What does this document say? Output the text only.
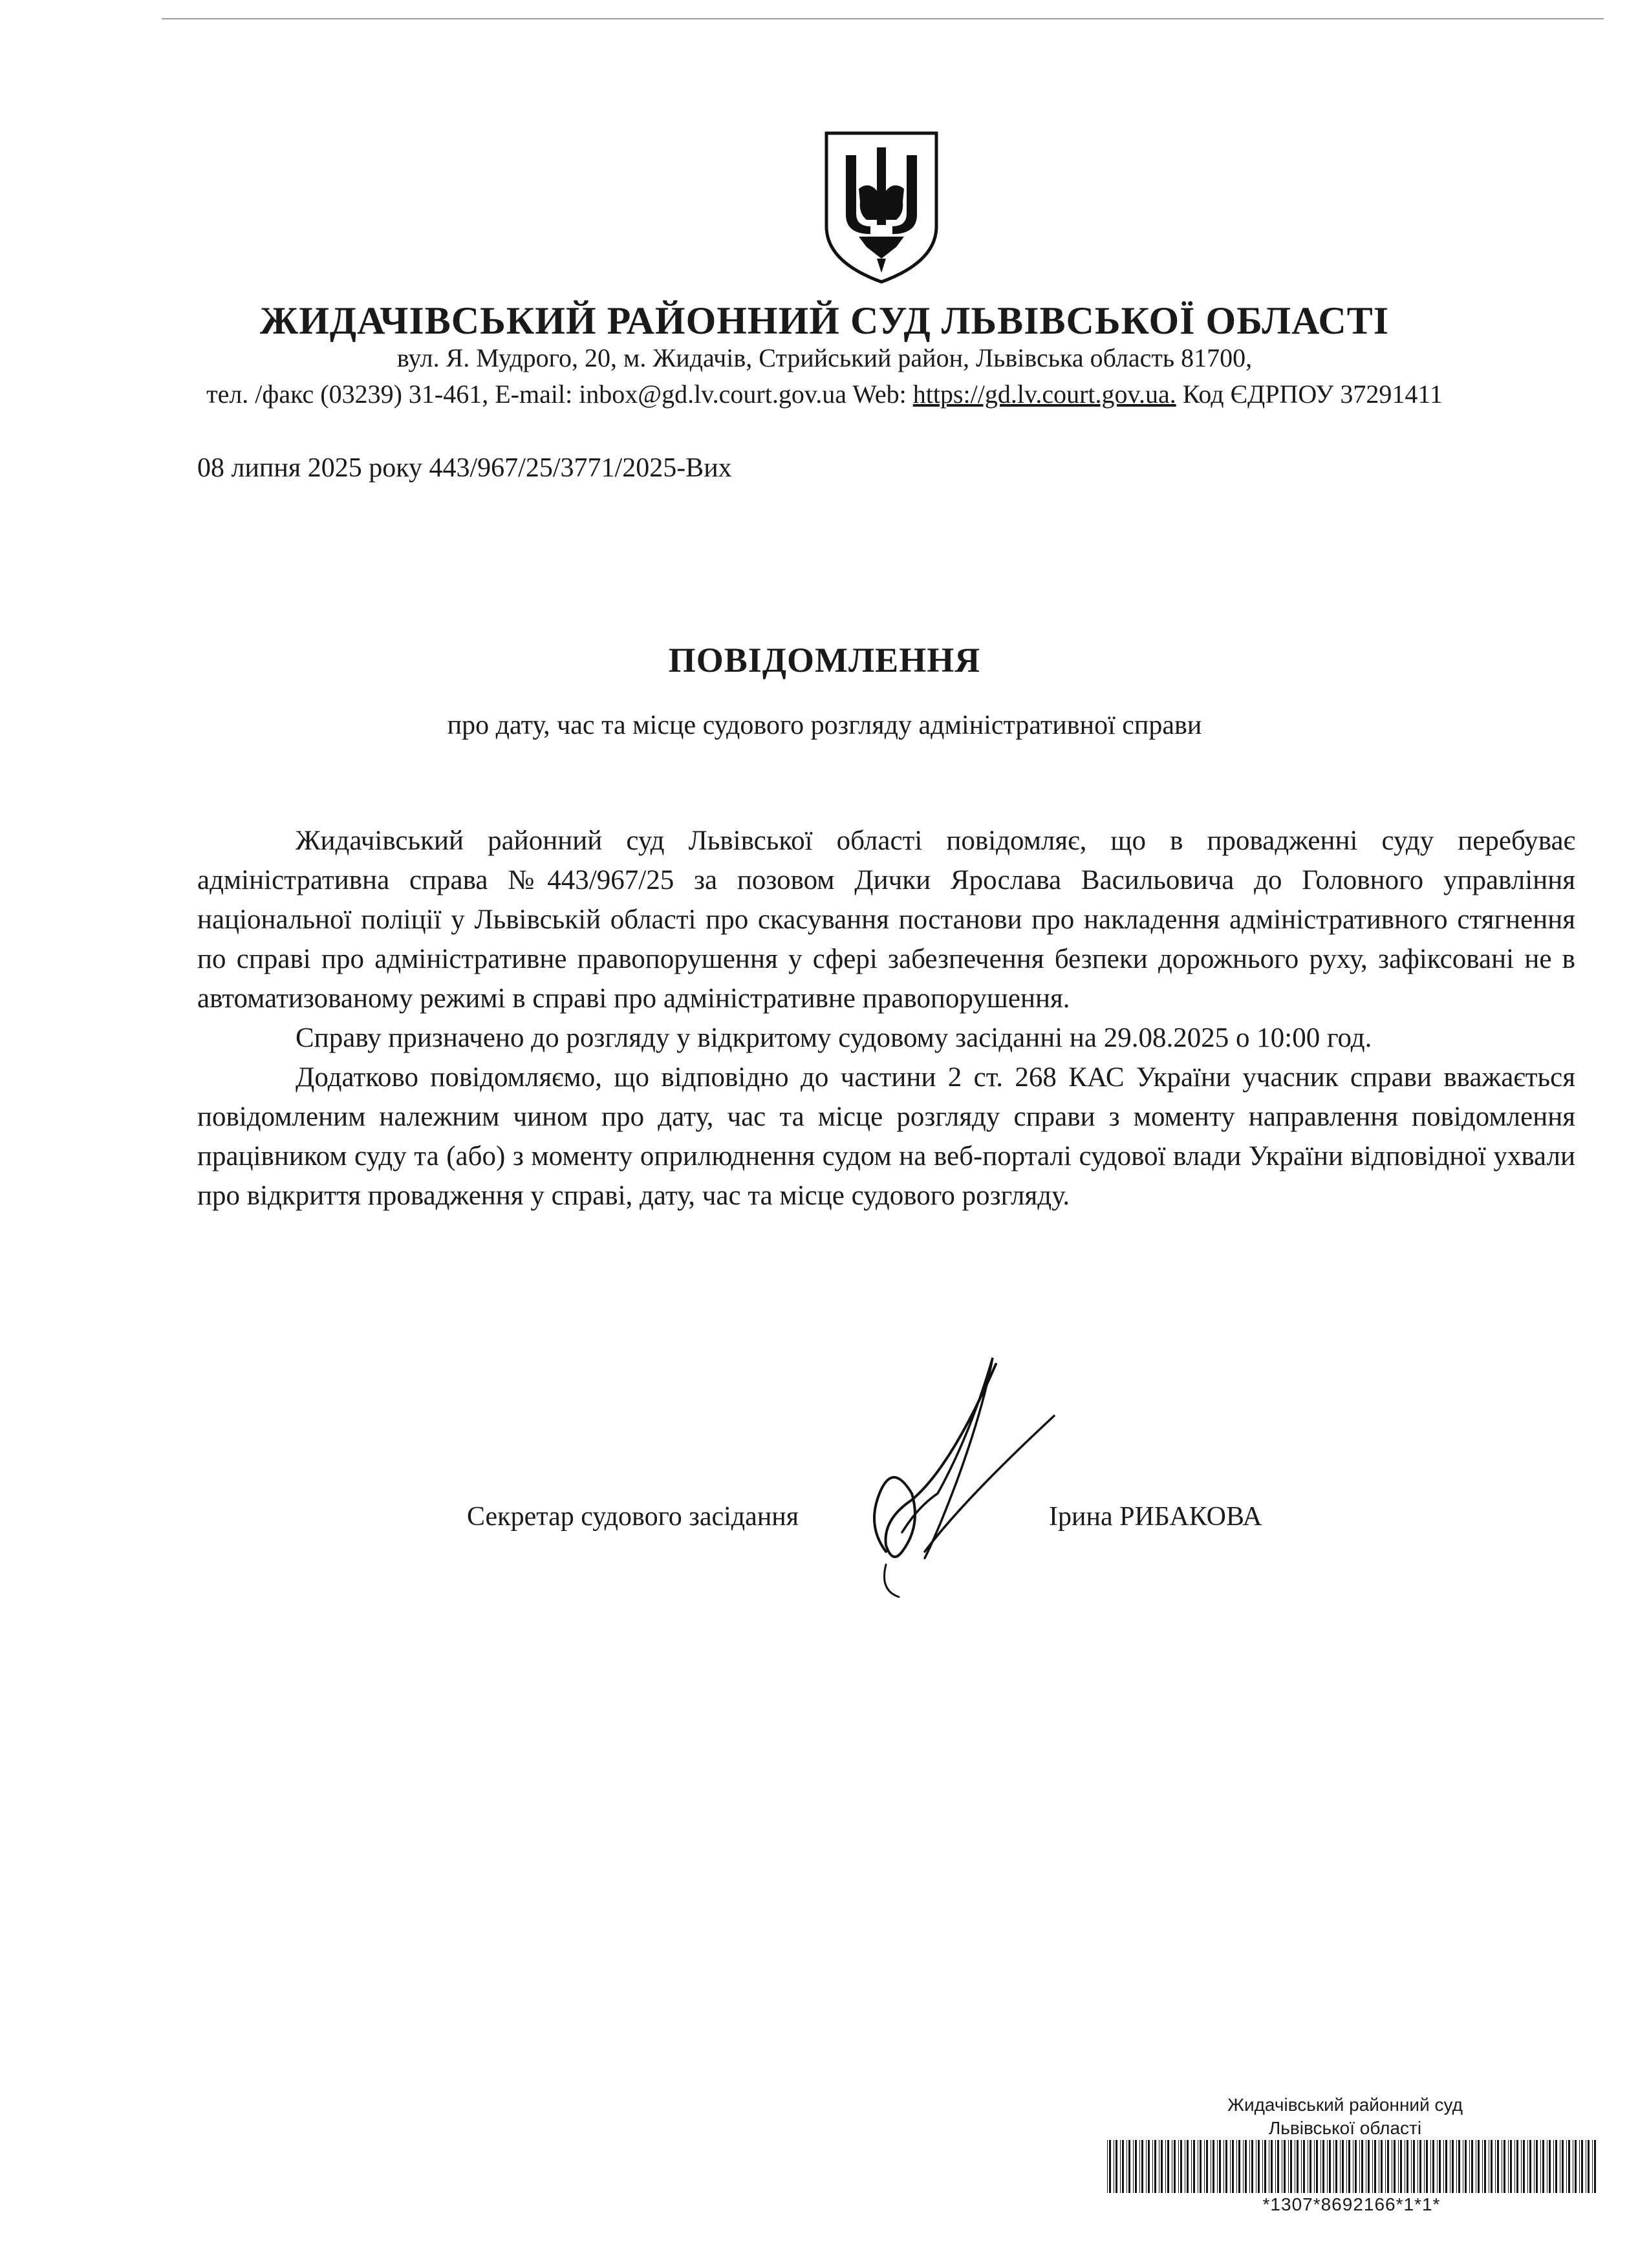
ЖИДАЧІВСЬКИЙ РАЙОННИЙ СУД ЛЬВІВСЬКОЇ ОБЛАСТІ
вул. Я. Мудрого, 20, м. Жидачів, Стрийський район, Львівська область 81700,
тел. /факс (03239) 31-461, E-mail: inbox@gd.lv.court.gov.ua Web: https://gd.lv.court.gov.ua. Код ЄДРПОУ 37291411
08 липня 2025 року 443/967/25/3771/2025-Вих
ПОВІДОМЛЕННЯ
про дату, час та місце судового розгляду адміністративної справи

Жидачівський районний суд Львівської області повідомляє, що в провадженні суду перебуває адміністративна справа №443/967/25 за позовом Дички Ярослава Васильовича до Головного управління національної поліції у Львівській області про скасування постанови про накладення адміністративного стягнення по справі про адміністративне правопорушення у сфері забезпечення безпеки дорожнього руху, зафіксовані не в автоматизованому режимі в справі про адміністративне правопорушення.

Справу призначено до розгляду у відкритому судовому засіданні на 29.08.2025 о 10:00 год.

Додатково повідомляємо, що відповідно до частини 2 ст. 268 КАС України учасник справи вважається повідомленим належним чином про дату, час та місце розгляду справи з моменту направлення повідомлення працівником суду та (або) з моменту оприлюднення судом на веб-порталі судової влади України відповідної ухвали про відкриття провадження у справі, дату, час та місце судового розгляду.

Секретар судового засідання	Ірина РИБАКОВА
Жидачівський районний суд
Львівської області
*1307*8692166*1*1*
